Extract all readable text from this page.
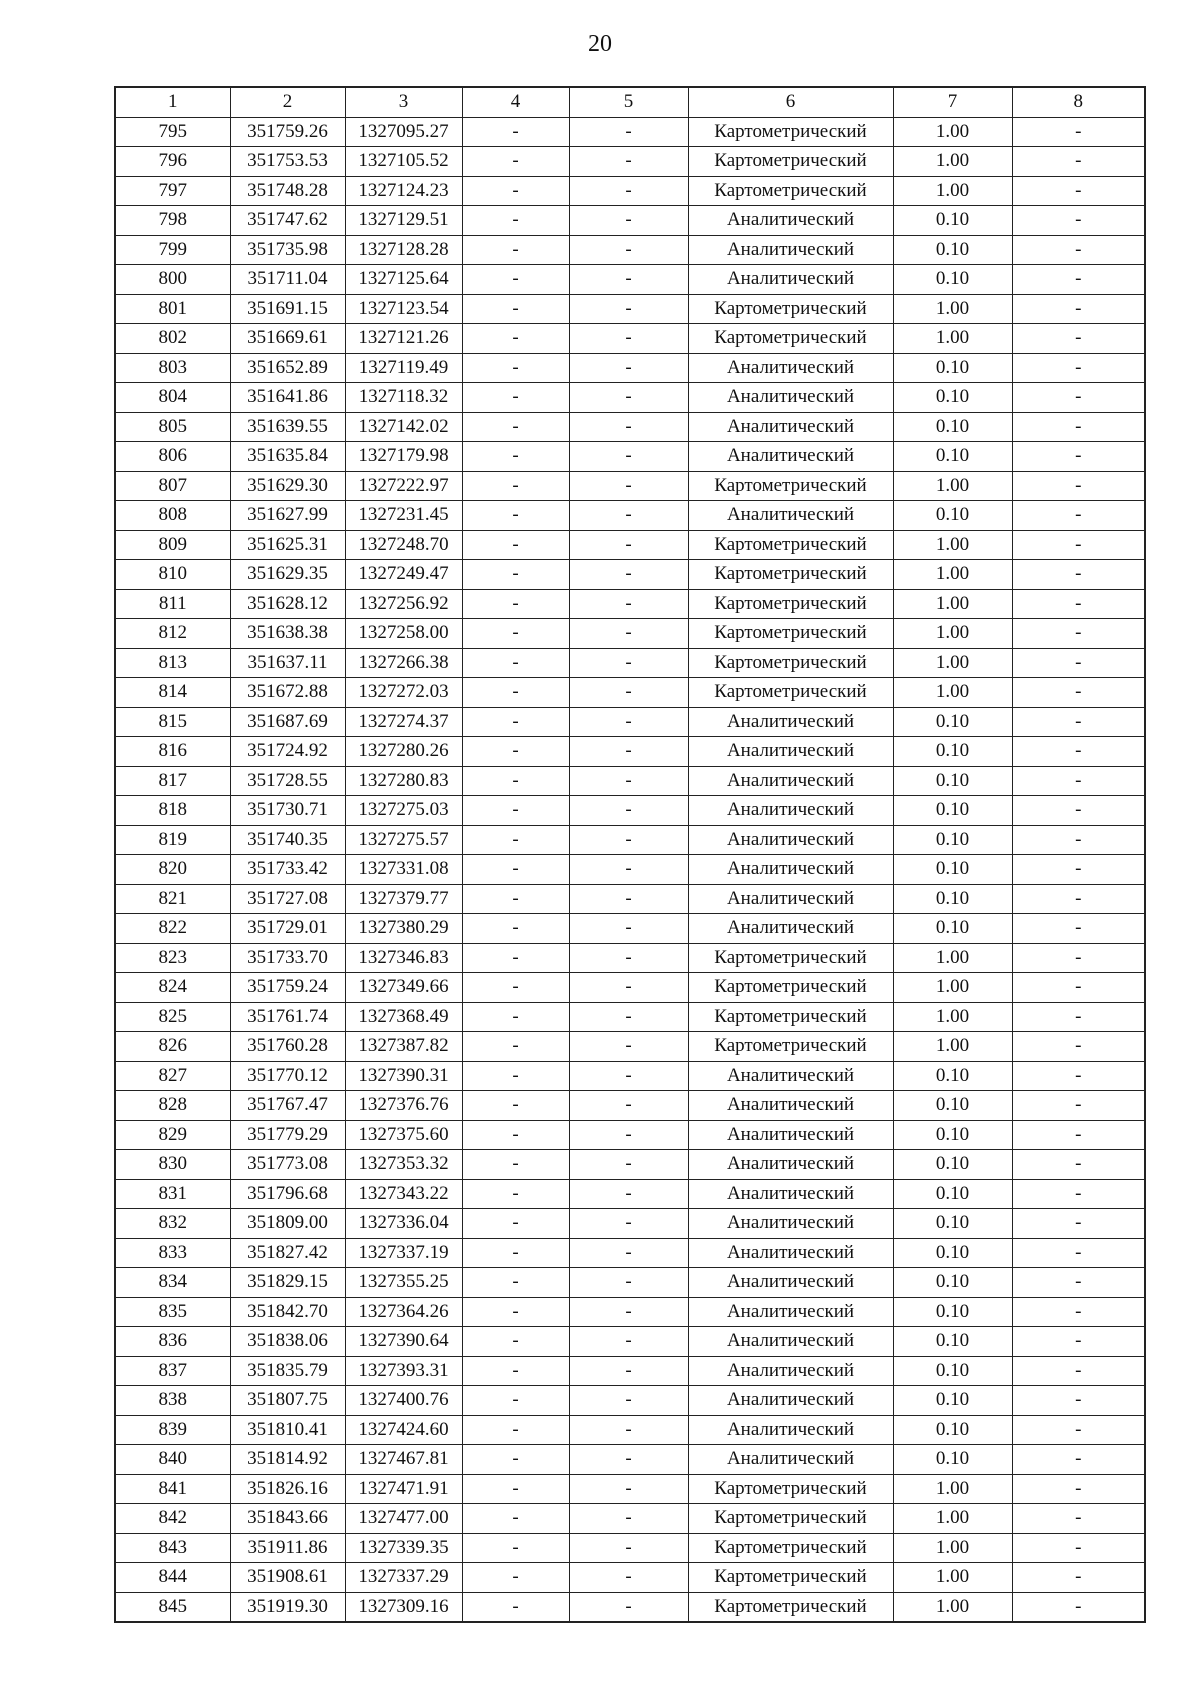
20
1	2	3	4	5	6	7	8
795	351759.26	1327095.27	-	-	Картометрический	1.00	-
796	351753.53	1327105.52	-	-	Картометрический	1.00	-
797	351748.28	1327124.23	-	-	Картометрический	1.00	-
798	351747.62	1327129.51	-	-	Аналитический	0.10	-
799	351735.98	1327128.28	-	-	Аналитический	0.10	-
800	351711.04	1327125.64	-	-	Аналитический	0.10	-
801	351691.15	1327123.54	-	-	Картометрический	1.00	-
802	351669.61	1327121.26	-	-	Картометрический	1.00	-
803	351652.89	1327119.49	-	-	Аналитический	0.10	-
804	351641.86	1327118.32	-	-	Аналитический	0.10	-
805	351639.55	1327142.02	-	-	Аналитический	0.10	-
806	351635.84	1327179.98	-	-	Аналитический	0.10	-
807	351629.30	1327222.97	-	-	Картометрический	1.00	-
808	351627.99	1327231.45	-	-	Аналитический	0.10	-
809	351625.31	1327248.70	-	-	Картометрический	1.00	-
810	351629.35	1327249.47	-	-	Картометрический	1.00	-
811	351628.12	1327256.92	-	-	Картометрический	1.00	-
812	351638.38	1327258.00	-	-	Картометрический	1.00	-
813	351637.11	1327266.38	-	-	Картометрический	1.00	-
814	351672.88	1327272.03	-	-	Картометрический	1.00	-
815	351687.69	1327274.37	-	-	Аналитический	0.10	-
816	351724.92	1327280.26	-	-	Аналитический	0.10	-
817	351728.55	1327280.83	-	-	Аналитический	0.10	-
818	351730.71	1327275.03	-	-	Аналитический	0.10	-
819	351740.35	1327275.57	-	-	Аналитический	0.10	-
820	351733.42	1327331.08	-	-	Аналитический	0.10	-
821	351727.08	1327379.77	-	-	Аналитический	0.10	-
822	351729.01	1327380.29	-	-	Аналитический	0.10	-
823	351733.70	1327346.83	-	-	Картометрический	1.00	-
824	351759.24	1327349.66	-	-	Картометрический	1.00	-
825	351761.74	1327368.49	-	-	Картометрический	1.00	-
826	351760.28	1327387.82	-	-	Картометрический	1.00	-
827	351770.12	1327390.31	-	-	Аналитический	0.10	-
828	351767.47	1327376.76	-	-	Аналитический	0.10	-
829	351779.29	1327375.60	-	-	Аналитический	0.10	-
830	351773.08	1327353.32	-	-	Аналитический	0.10	-
831	351796.68	1327343.22	-	-	Аналитический	0.10	-
832	351809.00	1327336.04	-	-	Аналитический	0.10	-
833	351827.42	1327337.19	-	-	Аналитический	0.10	-
834	351829.15	1327355.25	-	-	Аналитический	0.10	-
835	351842.70	1327364.26	-	-	Аналитический	0.10	-
836	351838.06	1327390.64	-	-	Аналитический	0.10	-
837	351835.79	1327393.31	-	-	Аналитический	0.10	-
838	351807.75	1327400.76	-	-	Аналитический	0.10	-
839	351810.41	1327424.60	-	-	Аналитический	0.10	-
840	351814.92	1327467.81	-	-	Аналитический	0.10	-
841	351826.16	1327471.91	-	-	Картометрический	1.00	-
842	351843.66	1327477.00	-	-	Картометрический	1.00	-
843	351911.86	1327339.35	-	-	Картометрический	1.00	-
844	351908.61	1327337.29	-	-	Картометрический	1.00	-
845	351919.30	1327309.16	-	-	Картометрический	1.00	-
